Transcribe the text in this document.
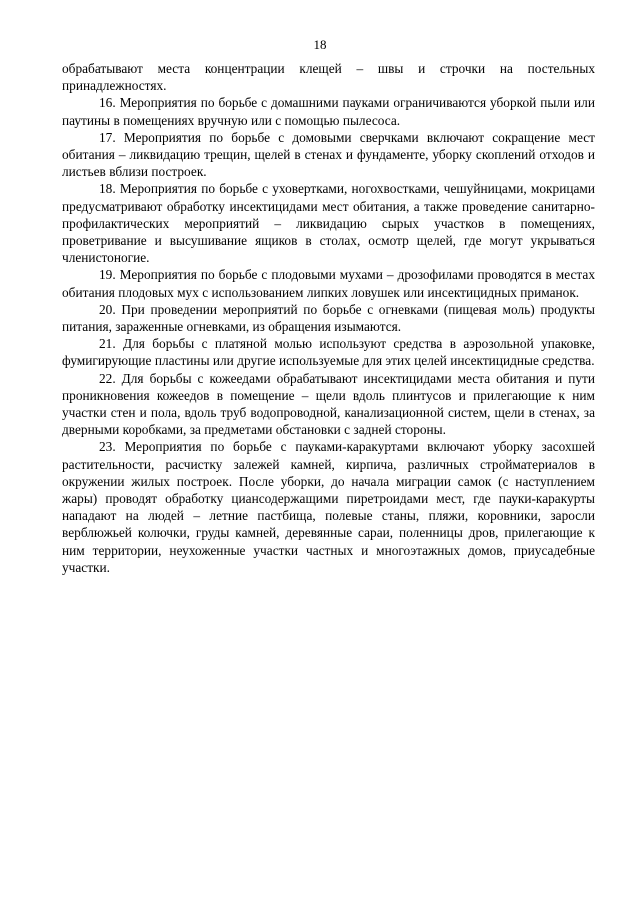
18

обрабатывают места концентрации клещей – швы и строчки на постельных принадлежностях.

16. Мероприятия по борьбе с домашними пауками ограничиваются уборкой пыли или паутины в помещениях вручную или с помощью пылесоса.

17. Мероприятия по борьбе с домовыми сверчками включают сокращение мест обитания – ликвидацию трещин, щелей в стенах и фундаменте, уборку скоплений отходов и листьев вблизи построек.

18. Мероприятия по борьбе с уховертками, ногохвостками, чешуйницами, мокрицами предусматривают обработку инсектицидами мест обитания, а также проведение санитарно-профилактических мероприятий – ликвидацию сырых участков в помещениях, проветривание и высушивание ящиков в столах, осмотр щелей, где могут укрываться членистоногие.

19. Мероприятия по борьбе с плодовыми мухами – дрозофилами проводятся в местах обитания плодовых мух с использованием липких ловушек или инсектицидных приманок.

20. При проведении мероприятий по борьбе с огневками (пищевая моль) продукты питания, зараженные огневками, из обращения изымаются.

21. Для борьбы с платяной молью используют средства в аэрозольной упаковке, фумигирующие пластины или другие используемые для этих целей инсектицидные средства.

22. Для борьбы с кожеедами обрабатывают инсектицидами места обитания и пути проникновения кожеедов в помещение – щели вдоль плинтусов и прилегающие к ним участки стен и пола, вдоль труб водопроводной, канализационной систем, щели в стенах, за дверными коробками, за предметами обстановки с задней стороны.

23. Мероприятия по борьбе с пауками-каракуртами включают уборку засохшей растительности, расчистку залежей камней, кирпича, различных стройматериалов в окружении жилых построек. После уборки, до начала миграции самок (с наступлением жары) проводят обработку циансодержащими пиретроидами мест, где пауки-каракурты нападают на людей – летние пастбища, полевые станы, пляжи, коровники, заросли верблюжьей колючки, груды камней, деревянные сараи, поленницы дров, прилегающие к ним территории, неухоженные участки частных и многоэтажных домов, приусадебные участки.
